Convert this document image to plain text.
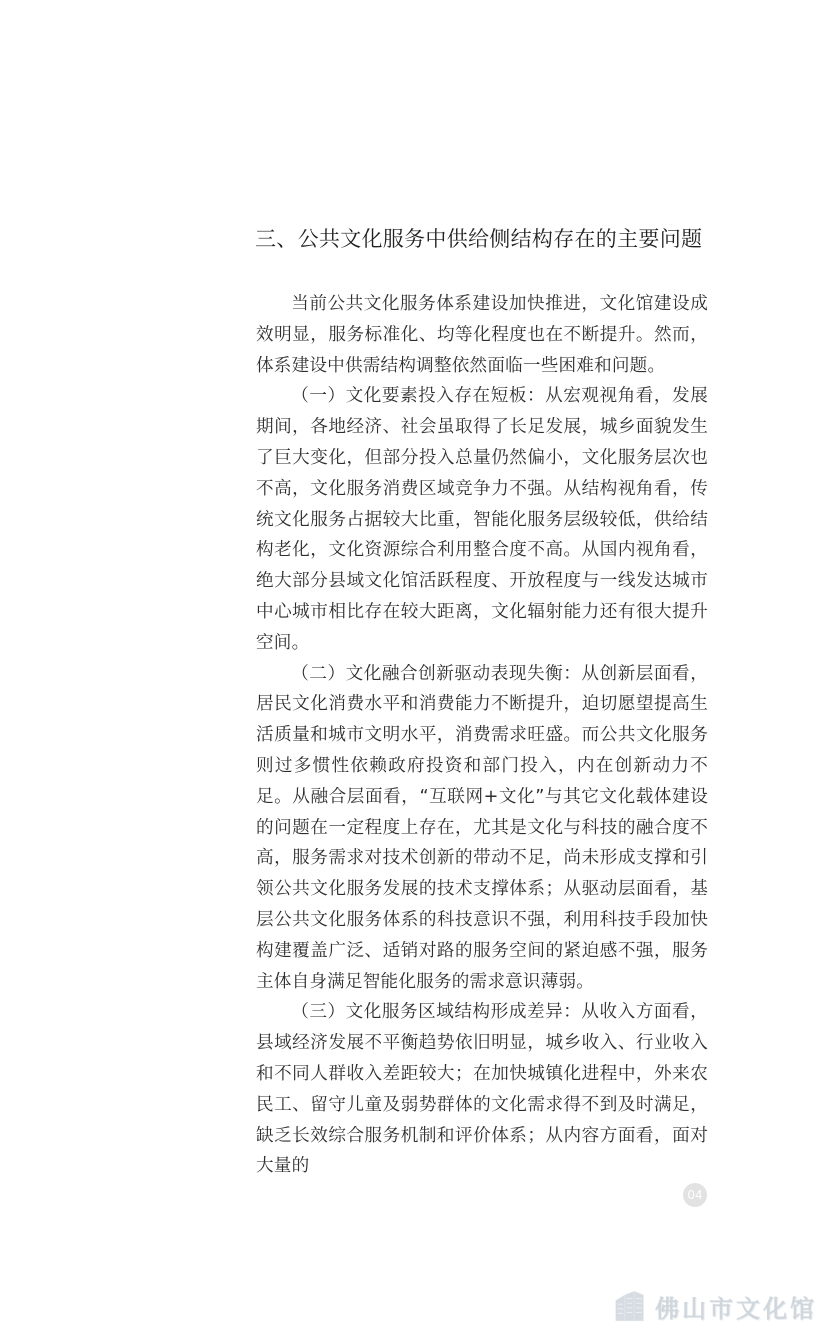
三、公共文化服务中供给侧结构存在的主要问题

当前公共文化服务体系建设加快推进，文化馆建设成效明显，服务标准化、均等化程度也在不断提升。然而，体系建设中供需结构调整依然面临一些困难和问题。

（一）文化要素投入存在短板：从宏观视角看，发展期间，各地经济、社会虽取得了长足发展，城乡面貌发生了巨大变化，但部分投入总量仍然偏小，文化服务层次也不高，文化服务消费区域竞争力不强。从结构视角看，传统文化服务占据较大比重，智能化服务层级较低，供给结构老化，文化资源综合利用整合度不高。从国内视角看，绝大部分县域文化馆活跃程度、开放程度与一线发达城市中心城市相比存在较大距离，文化辐射能力还有很大提升空间。

（二）文化融合创新驱动表现失衡：从创新层面看，居民文化消费水平和消费能力不断提升，迫切愿望提高生活质量和城市文明水平，消费需求旺盛。而公共文化服务则过多惯性依赖政府投资和部门投入，内在创新动力不足。从融合层面看，“互联网+文化”与其它文化载体建设的问题在一定程度上存在，尤其是文化与科技的融合度不高，服务需求对技术创新的带动不足，尚未形成支撑和引领公共文化服务发展的技术支撑体系；从驱动层面看，基层公共文化服务体系的科技意识不强，利用科技手段加快构建覆盖广泛、适销对路的服务空间的紧迫感不强，服务主体自身满足智能化服务的需求意识薄弱。

（三）文化服务区域结构形成差异：从收入方面看，县域经济发展不平衡趋势依旧明显，城乡收入、行业收入和不同人群收入差距较大；在加快城镇化进程中，外来农民工、留守儿童及弱势群体的文化需求得不到及时满足，缺乏长效综合服务机制和评价体系；从内容方面看，面对大量的

04
佛山市文化馆
